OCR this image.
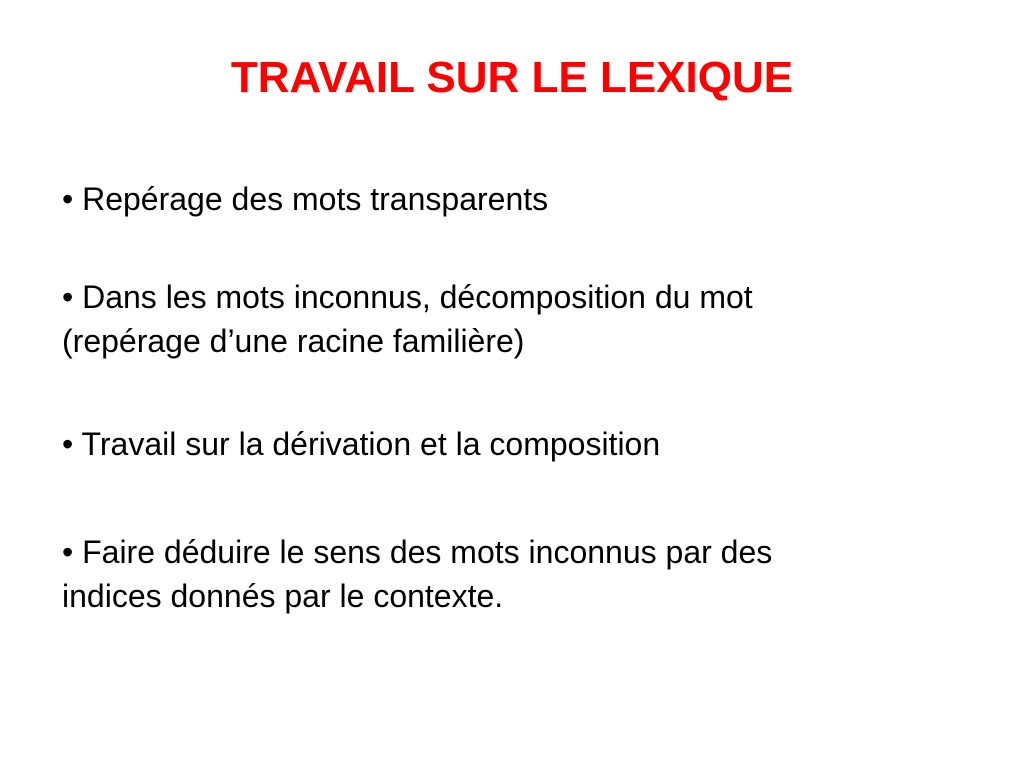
TRAVAIL SUR LE LEXIQUE

• Repérage des mots transparents

• Dans les mots inconnus, décomposition du mot
(repérage d’une racine familière)

• Travail sur la dérivation et la composition

• Faire déduire le sens des mots inconnus par des
indices donnés par le contexte.
